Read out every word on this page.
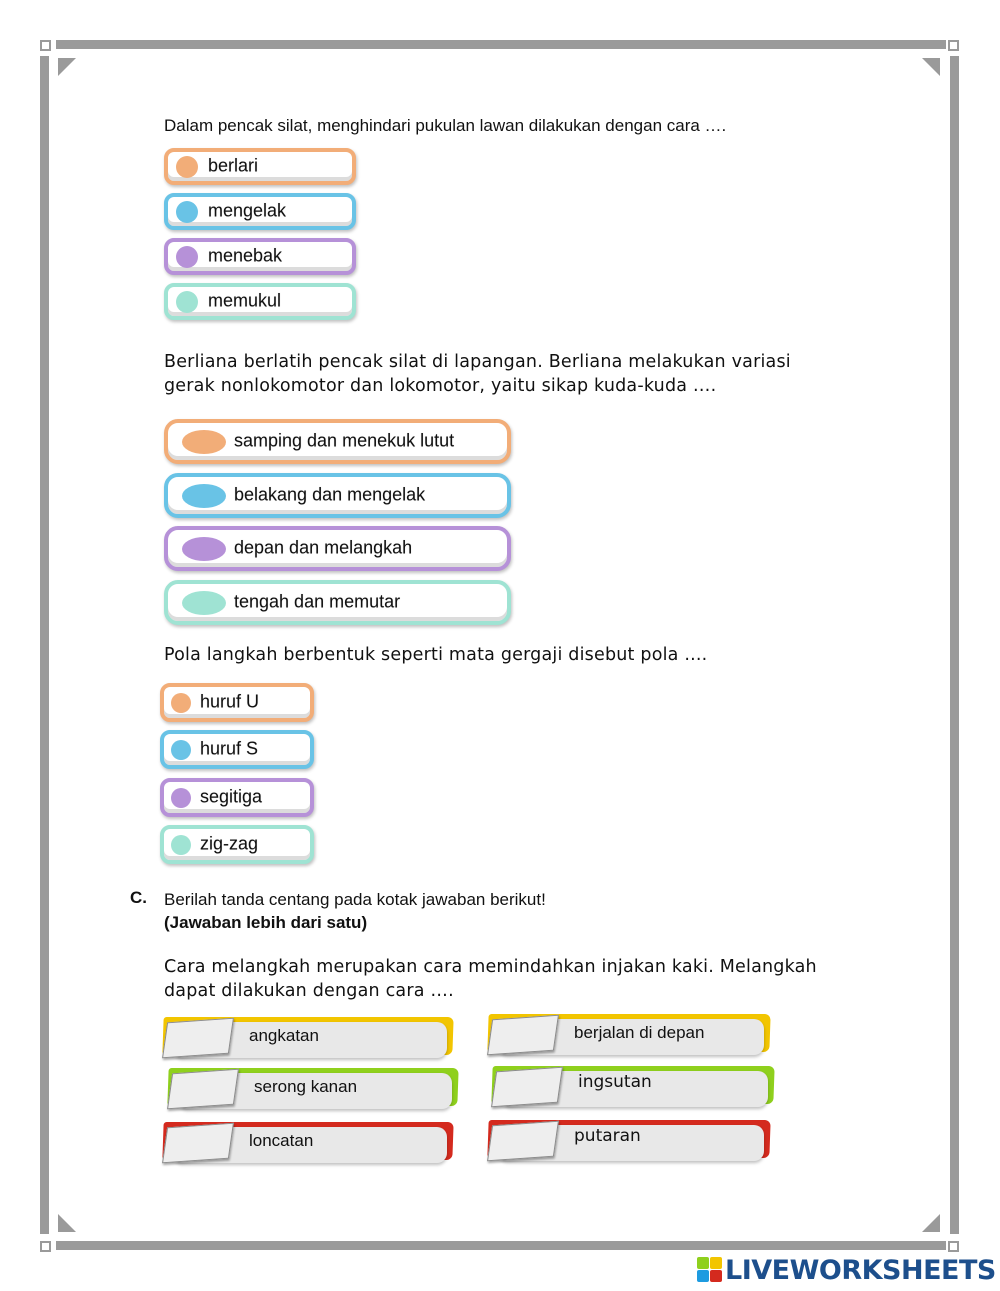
Dalam pencak silat, menghindari pukulan lawan dilakukan dengan cara ….
berlari
mengelak
menebak
memukul
Berliana berlatih pencak silat di lapangan. Berliana melakukan variasi
gerak nonlokomotor dan lokomotor, yaitu sikap kuda-kuda ….
samping dan menekuk lutut
belakang dan mengelak
depan dan melangkah
tengah dan memutar
Pola langkah berbentuk seperti mata gergaji disebut pola ....
huruf U
huruf S
segitiga
zig-zag
C. Berilah tanda centang pada kotak jawaban berikut!
(Jawaban lebih dari satu)
Cara melangkah merupakan cara memindahkan injakan kaki. Melangkah
dapat dilakukan dengan cara ….
angkatan
serong kanan
loncatan
berjalan di depan
ingsutan
putaran
LIVEWORKSHEETS
